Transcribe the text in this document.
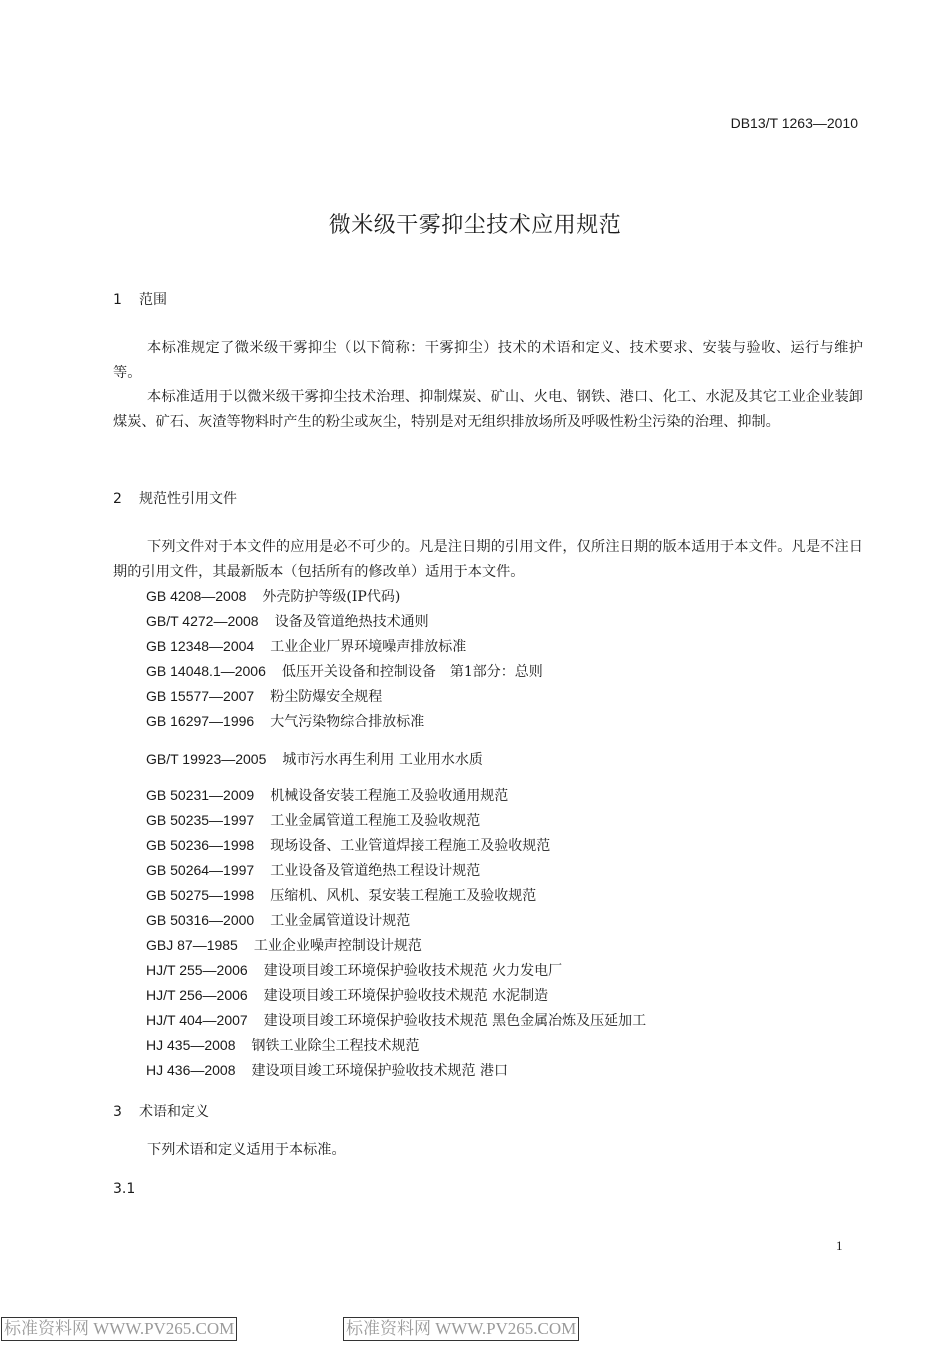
DB13/T 1263—2010
微米级干雾抑尘技术应用规范
1 范围
本标准规定了微米级干雾抑尘（以下简称：干雾抑尘）技术的术语和定义、技术要求、安装与验收、运行与维护等。
本标准适用于以微米级干雾抑尘技术治理、抑制煤炭、矿山、火电、钢铁、港口、化工、水泥及其它工业企业装卸煤炭、矿石、灰渣等物料时产生的粉尘或灰尘，特别是对无组织排放场所及呼吸性粉尘污染的治理、抑制。
2 规范性引用文件
下列文件对于本文件的应用是必不可少的。凡是注日期的引用文件，仅所注日期的版本适用于本文件。凡是不注日期的引用文件，其最新版本（包括所有的修改单）适用于本文件。
GB 4208—2008 外壳防护等级(IP代码)
GB/T 4272—2008 设备及管道绝热技术通则
GB 12348—2004 工业企业厂界环境噪声排放标准
GB 14048.1—2006 低压开关设备和控制设备　第1部分：总则
GB 15577—2007 粉尘防爆安全规程
GB 16297—1996 大气污染物综合排放标准
GB/T 19923—2005 城市污水再生利用 工业用水水质
GB 50231—2009 机械设备安装工程施工及验收通用规范
GB 50235—1997 工业金属管道工程施工及验收规范
GB 50236—1998 现场设备、工业管道焊接工程施工及验收规范
GB 50264—1997 工业设备及管道绝热工程设计规范
GB 50275—1998 压缩机、风机、泵安装工程施工及验收规范
GB 50316—2000 工业金属管道设计规范
GBJ 87—1985 工业企业噪声控制设计规范
HJ/T 255—2006 建设项目竣工环境保护验收技术规范 火力发电厂
HJ/T 256—2006 建设项目竣工环境保护验收技术规范 水泥制造
HJ/T 404—2007 建设项目竣工环境保护验收技术规范 黑色金属冶炼及压延加工
HJ 435—2008 钢铁工业除尘工程技术规范
HJ 436—2008 建设项目竣工环境保护验收技术规范 港口
3 术语和定义
下列术语和定义适用于本标准。
3.1
1
标准资料网 WWW.PV265.COM	标准资料网 WWW.PV265.COM
